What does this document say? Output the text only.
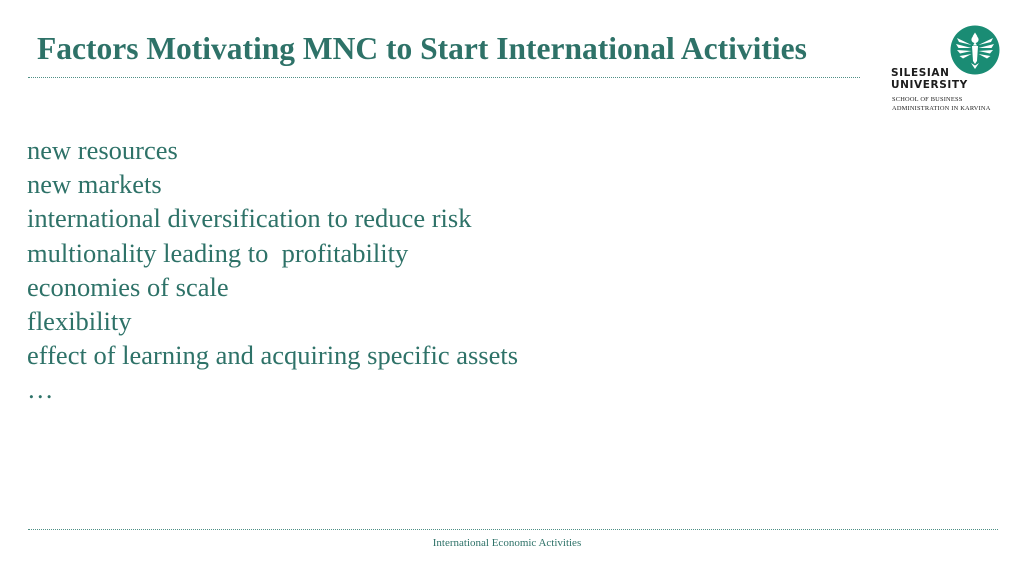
Factors Motivating MNC to Start International Activities

SILESIAN
UNIVERSITY

SCHOOL OF BUSINESS
ADMINISTRATION IN KARVINA

new resources
new markets
international diversification to reduce risk
multionality leading to  profitability
economies of scale
flexibility
effect of learning and acquiring specific assets
…

International Economic Activities
